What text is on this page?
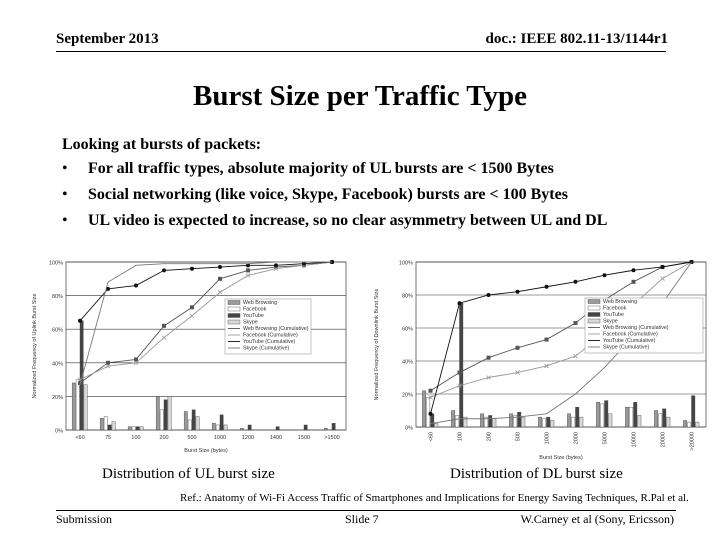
September 2013	doc.: IEEE 802.11-13/1144r1
Burst Size per Traffic Type
Looking at bursts of packets:
• For all traffic types, absolute majority of UL bursts are < 1500 Bytes
• Social networking (like voice, Skype, Facebook) bursts are < 100 Bytes
• UL video is expected to increase, so no clear asymmetry between UL and DL
0%
20%
40%
60%
80%
100%
Normalized Frequency of Uplink Burst Size
<60	75	100	200	500	1000	1200	1400	1500	>1500
Burst Size (bytes)
Web Browsing
Facebook
YouTube
Skype
Web Browsing (Cumulative)
Facebook (Cumulative)
YouTube (Cumulative)
Skype (Cumulative)
0%
20%
40%
60%
80%
100%
Normalized Frequency of Downlink Burst Size
<60	100	200	500	1000	2000	5000	10000	20000	>20000
Burst Size (bytes)
Web Browsing
Facebook
YouTube
Skype
Web Browsing (Cumulative)
Facebook (Cumulative)
YouTube (Cumulative)
Skype (Cumulative)
Distribution of UL burst size	Distribution of DL burst size
Ref.: Anatomy of Wi-Fi Access Traffic of Smartphones and Implications for Energy Saving Techniques, R.Pal et al.
Submission	Slide 7	W.Carney et al (Sony, Ericsson)
